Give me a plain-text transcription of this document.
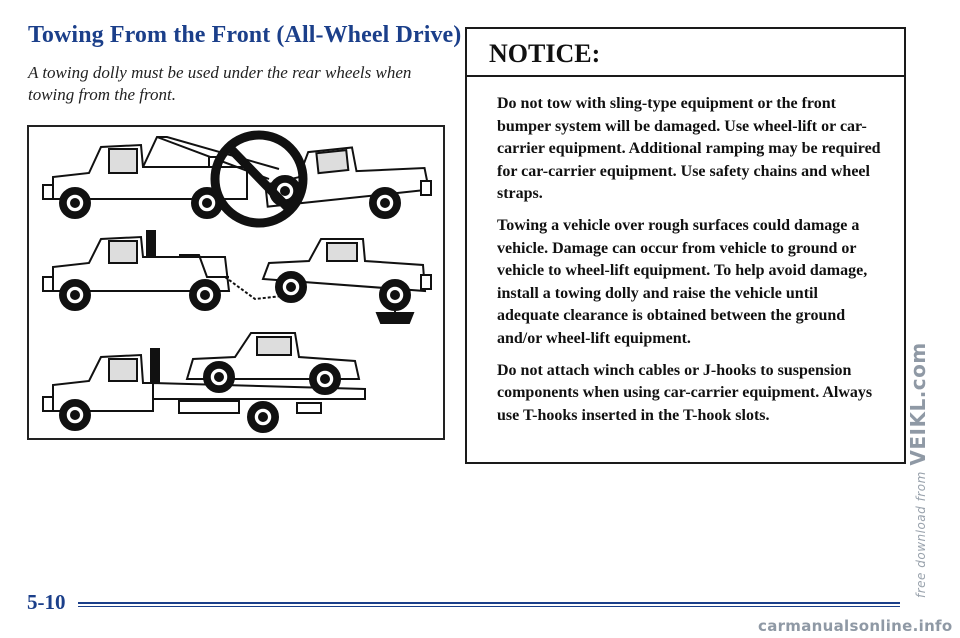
Towing From the Front (All-Wheel Drive)

A towing dolly must be used under the rear wheels when towing from the front.

NOTICE:

Do not tow with sling-type equipment or the front bumper system will be damaged. Use wheel-lift or car-carrier equipment. Additional ramping may be required for car-carrier equipment. Use safety chains and wheel straps.

Towing a vehicle over rough surfaces could damage a vehicle. Damage can occur from vehicle to ground or vehicle to wheel-lift equipment. To help avoid damage, install a towing dolly and raise the vehicle until adequate clearance is obtained between the ground and/or wheel-lift equipment.

Do not attach winch cables or J-hooks to suspension components when using car-carrier equipment. Always use T-hooks inserted in the T-hook slots.

5-10
free download from VEIKL.com
carmanualsonline.info
